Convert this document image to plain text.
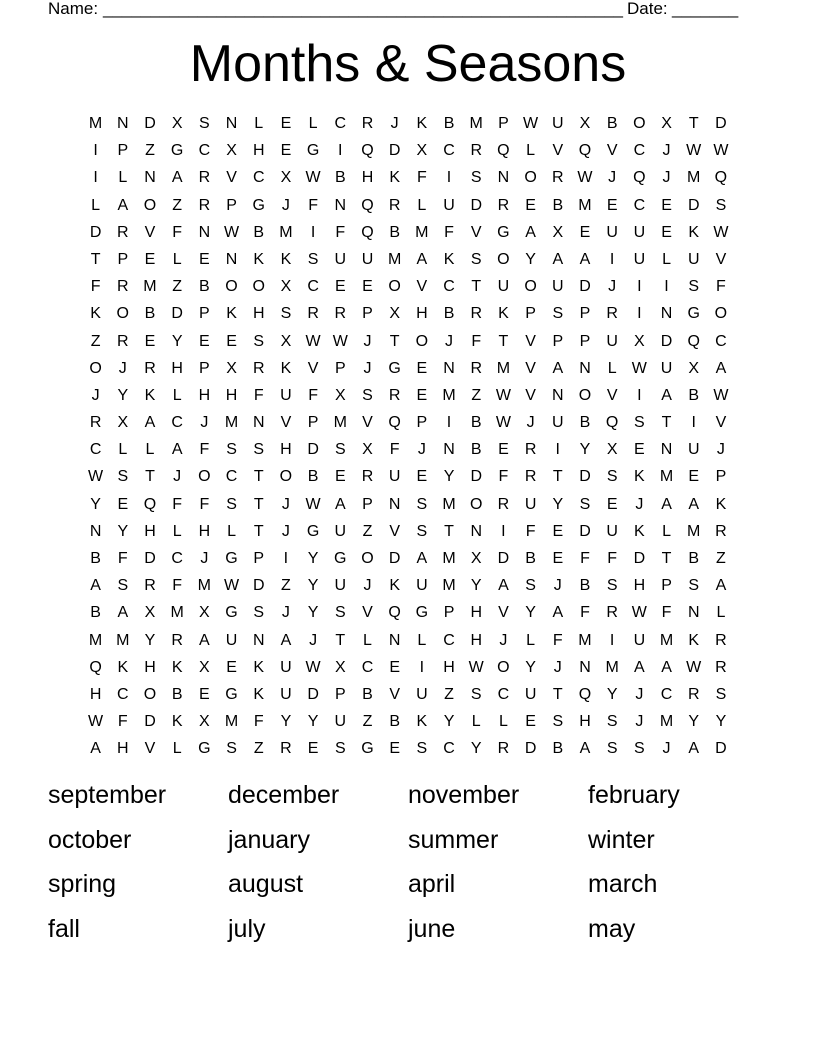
Name: _______________________________________________________ Date: _______
Months & Seasons
M N D	X	S	N	L	E	L	C R	J	K	B M P W U	X	B O X	T	D
I	P	Z	G C	X	H	E G	I	Q D	X	C R Q	L	V Q V	C	J W W
I	L	N	A	R	V	C	X W B	H	K	F	I	S	N O R W J	Q	J	M Q
L	A O	Z	R	P G	J	F	N Q R	L	U D R	E	B M E	C	E	D	S
D R	V	F	N W B M	I	F	Q B M F	V G A	X	E	U U	E	K W
T	P	E	L	E	N	K	K	S	U U M A	K	S O Y	A	A	I	U	L	U	V
F	R M Z	B O O X	C	E	E O V	C	T	U O U D	J	I	I	S	F
K O B	D	P	K	H	S	R R	P	X	H	B	R	K	P	S	P	R	I	N G O
Z	R	E	Y	E	E	S	X W W J	T	O	J	F	T	V	P	P	U	X	D Q C
O	J	R H	P	X	R	K	V	P	J	G E	N R M V	A	N	L W U	X	A
J	Y	K	L	H H	F	U	F	X	S	R	E M Z W V	N O V	I	A	B W
R	X	A	C	J	M N	V	P M V Q P	I	B W J	U	B Q S	T	I	V
C	L	L	A	F	S	S	H D	S	X	F	J	N	B	E	R	I	Y	X	E	N U	J
W S	T	J	O C	T	O B	E	R U	E	Y	D	F	R	T	D	S	K M E	P
Y	E Q	F	F	S	T	J W A	P	N	S M O R U	Y	S	E	J	A	A	K
N	Y	H	L	H	L	T	J	G U	Z	V	S	T	N	I	F	E	D U	K	L	M R
B	F	D C	J	G P	I	Y G O D	A M X	D	B	E	F	F	D	T	B	Z
A	S	R	F M W D	Z	Y	U	J	K	U M Y	A	S	J	B	S	H	P	S	A
B	A	X M X G S	J	Y	S	V Q G P	H	V	Y	A	F	R W F	N	L
M M Y	R	A	U N	A	J	T	L	N	L	C H	J	L	F M	I	U M K	R
Q K	H	K	X	E	K	U W X	C	E	I	H W O Y	J	N M A	A W R
H C O B	E G K	U D	P	B	V	U	Z	S	C U	T	Q Y	J	C R	S
W F	D	K	X M F	Y	Y	U	Z	B	K	Y	L	L	E	S	H	S	J	M Y	Y
A	H	V	L	G S	Z	R	E	S G E	S	C	Y	R D	B	A	S	S	J	A	D
september	december	november	february
october	january	summer	winter
spring	august	april	march
fall	july	june	may
